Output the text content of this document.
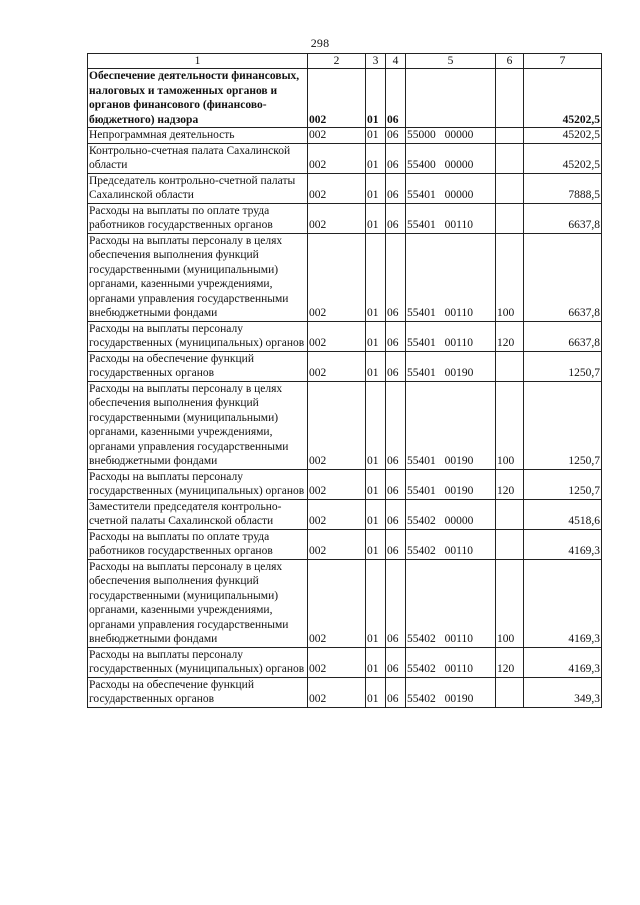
298
1	2	3	4	5	6	7
Обеспечение деятельности финансовых, налоговых и таможенных органов и органов финансового (финансово-бюджетного) надзора	002	01	06			45202,5
Непрограммная деятельность	002	01	06	55000 00000		45202,5
Контрольно-счетная палата Сахалинской области	002	01	06	55400 00000		45202,5
Председатель контрольно-счетной палаты Сахалинской области	002	01	06	55401 00000		7888,5
Расходы на выплаты по оплате труда работников государственных органов	002	01	06	55401 00110		6637,8
Расходы на выплаты персоналу в целях обеспечения выполнения функций государственными (муниципальными) органами, казенными учреждениями, органами управления государственными внебюджетными фондами	002	01	06	55401 00110	100	6637,8
Расходы на выплаты персоналу государственных (муниципальных) органов	002	01	06	55401 00110	120	6637,8
Расходы на обеспечение функций государственных органов	002	01	06	55401 00190		1250,7
Расходы на выплаты персоналу в целях обеспечения выполнения функций государственными (муниципальными) органами, казенными учреждениями, органами управления государственными внебюджетными фондами	002	01	06	55401 00190	100	1250,7
Расходы на выплаты персоналу государственных (муниципальных) органов	002	01	06	55401 00190	120	1250,7
Заместители председателя контрольно-счетной палаты Сахалинской области	002	01	06	55402 00000		4518,6
Расходы на выплаты по оплате труда работников государственных органов	002	01	06	55402 00110		4169,3
Расходы на выплаты персоналу в целях обеспечения выполнения функций государственными (муниципальными) органами, казенными учреждениями, органами управления государственными внебюджетными фондами	002	01	06	55402 00110	100	4169,3
Расходы на выплаты персоналу государственных (муниципальных) органов	002	01	06	55402 00110	120	4169,3
Расходы на обеспечение функций государственных органов	002	01	06	55402 00190		349,3
